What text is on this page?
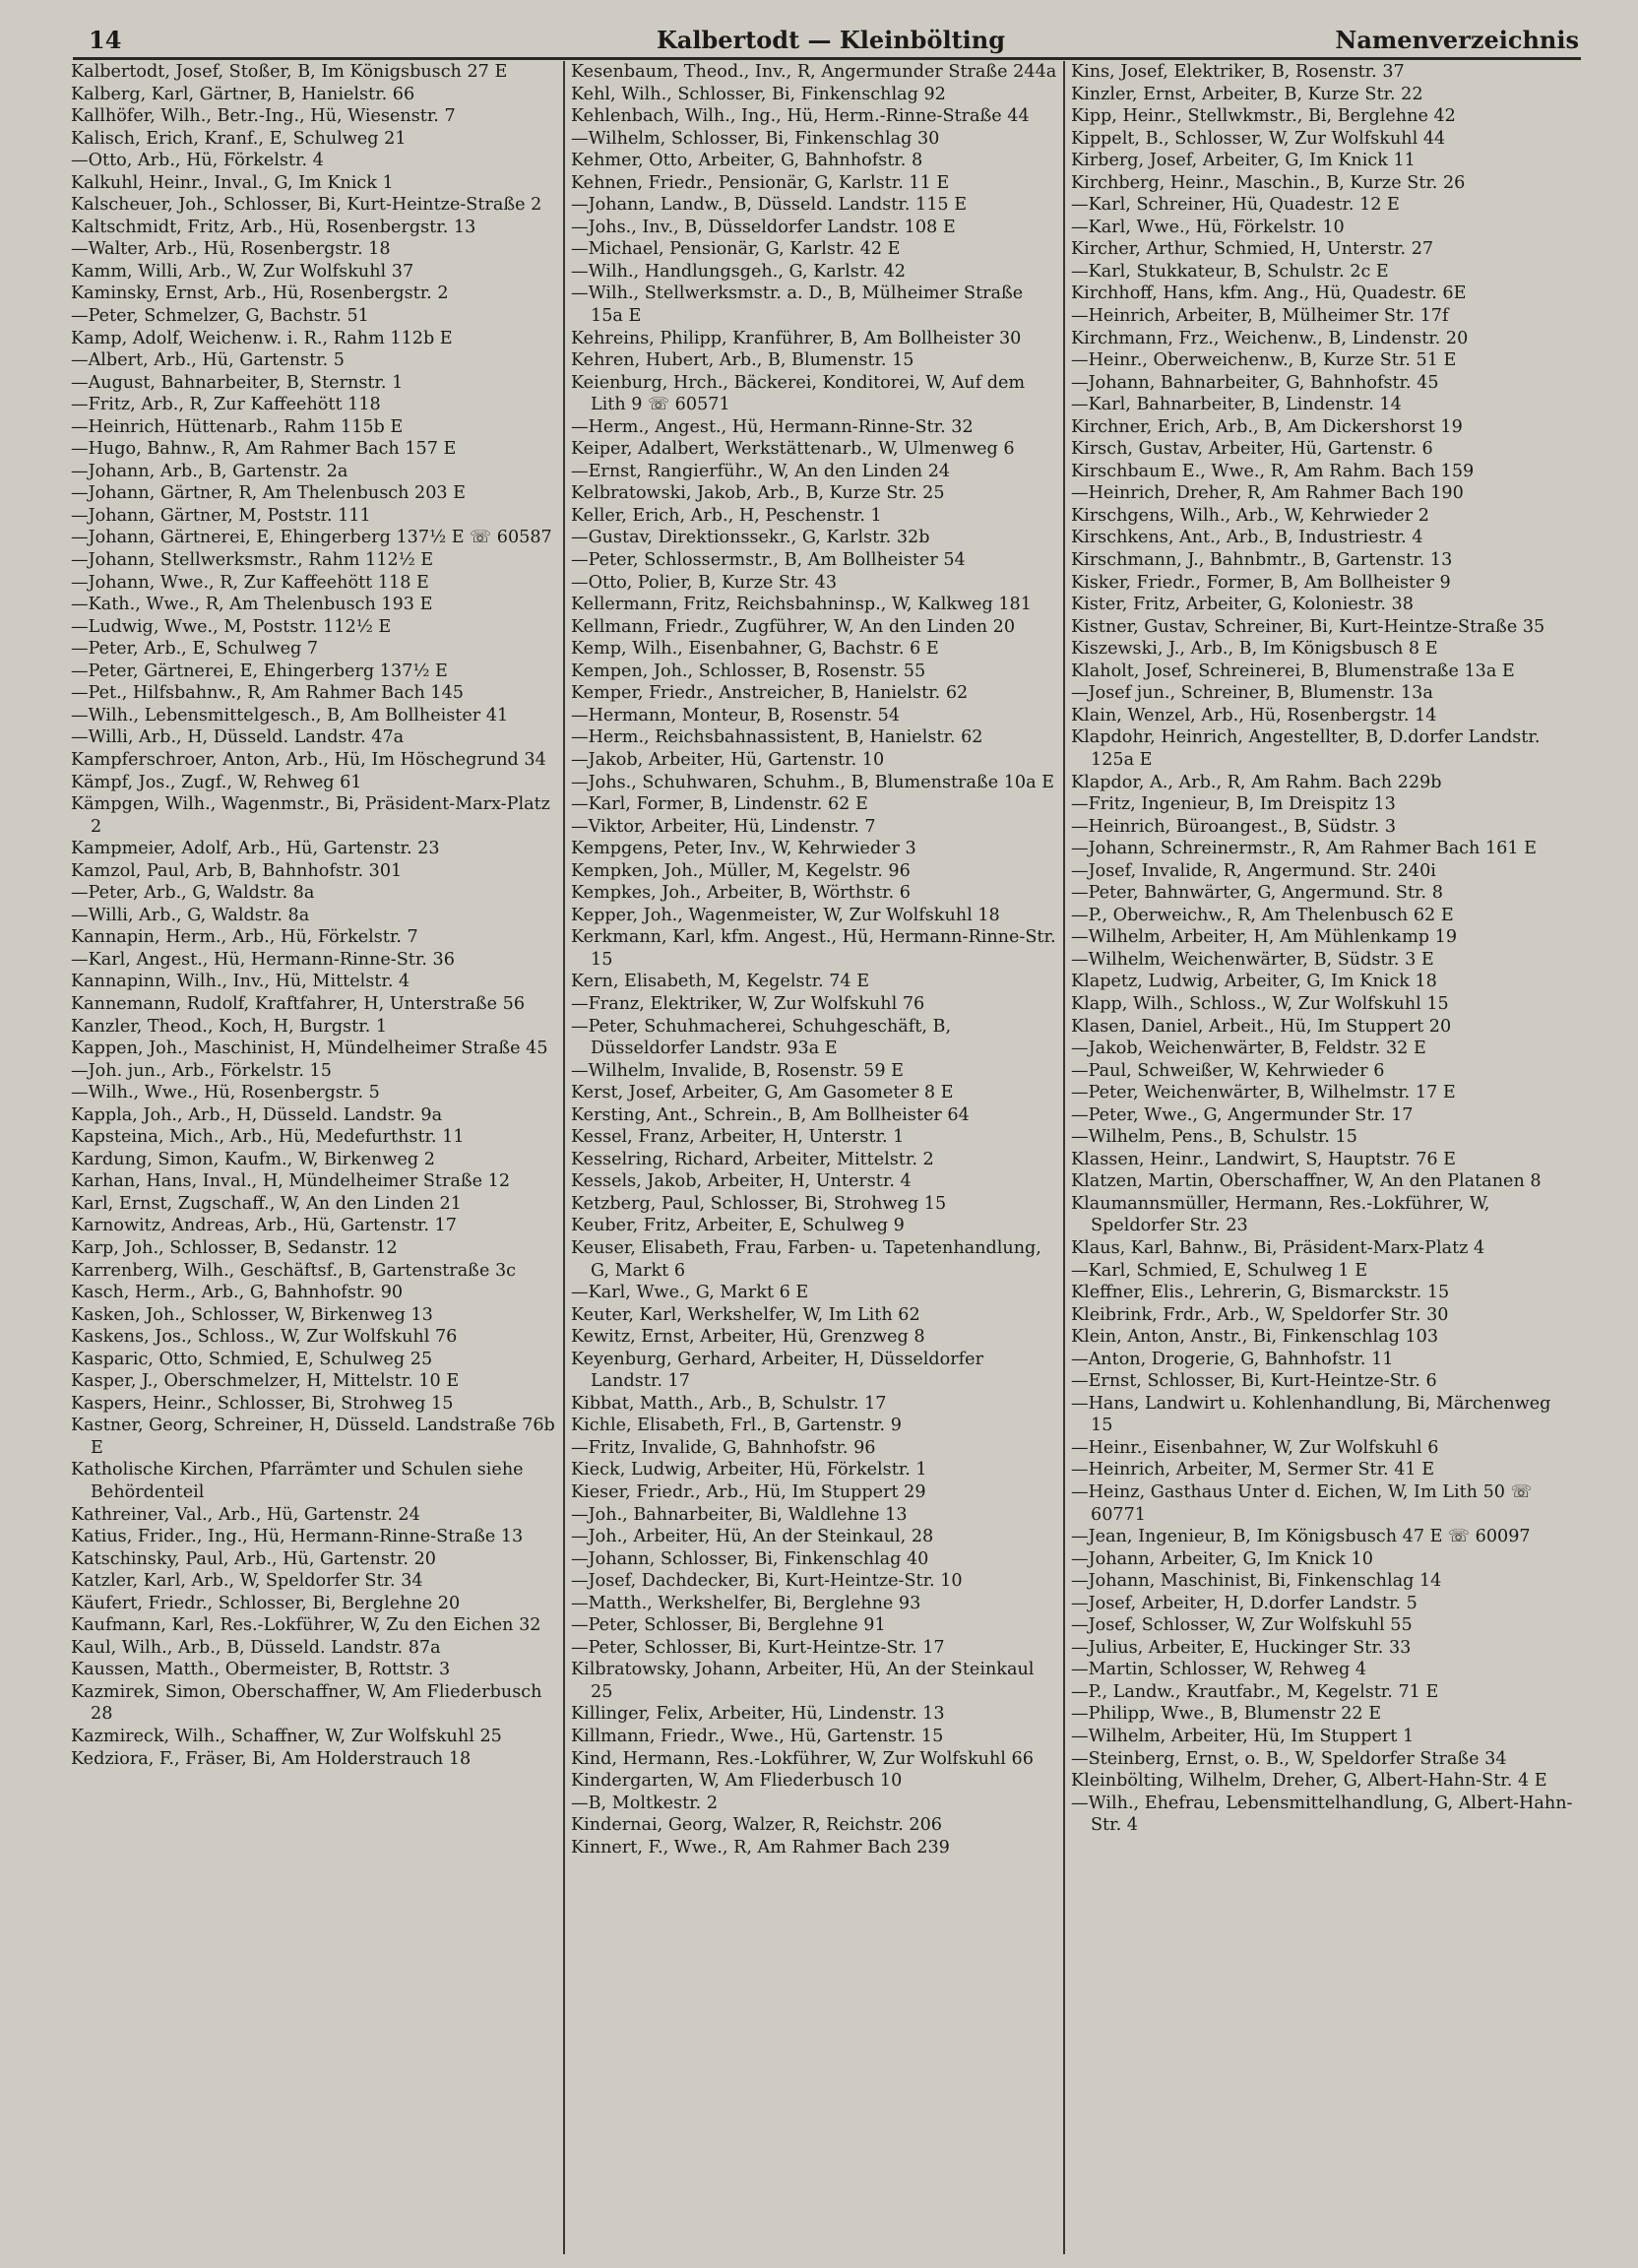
14	Kalbertodt — Kleinbölting	Namenverzeichnis
Kalbertodt, Josef, Stoßer, B, Im Königsbusch 27 E
Kalberg, Karl, Gärtner, B, Hanielstr. 66
Kallhöfer, Wilh., Betr.-Ing., Hü, Wiesenstr. 7
Kalisch, Erich, Kranf., E, Schulweg 21
—Otto, Arb., Hü, Förkelstr. 4
Kalkuhl, Heinr., Inval., G, Im Knick 1
Kalscheuer, Joh., Schlosser, Bi, Kurt-Heintze-Straße 2
Kaltschmidt, Fritz, Arb., Hü, Rosenbergstr. 13
—Walter, Arb., Hü, Rosenbergstr. 18
Kamm, Willi, Arb., W, Zur Wolfskuhl 37
Kaminsky, Ernst, Arb., Hü, Rosenbergstr. 2
—Peter, Schmelzer, G, Bachstr. 51
Kamp, Adolf, Weichenw. i. R., Rahm 112b E
—Albert, Arb., Hü, Gartenstr. 5
—August, Bahnarbeiter, B, Sternstr. 1
—Fritz, Arb., R, Zur Kaffeehött 118
—Heinrich, Hüttenarb., Rahm 115b E
—Hugo, Bahnw., R, Am Rahmer Bach 157 E
—Johann, Arb., B, Gartenstr. 2a
—Johann, Gärtner, R, Am Thelenbusch 203 E
—Johann, Gärtner, M, Poststr. 111
—Johann, Gärtnerei, E, Ehingerberg 137½ E ☏ 60587
—Johann, Stellwerksmstr., Rahm 112½ E
—Johann, Wwe., R, Zur Kaffeehött 118 E
—Kath., Wwe., R, Am Thelenbusch 193 E
—Ludwig, Wwe., M, Poststr. 112½ E
—Peter, Arb., E, Schulweg 7
—Peter, Gärtnerei, E, Ehingerberg 137½ E
—Pet., Hilfsbahnw., R, Am Rahmer Bach 145
—Wilh., Lebensmittelgesch., B, Am Bollheister 41
—Willi, Arb., H, Düsseld. Landstr. 47a
Kampferschroer, Anton, Arb., Hü, Im Höschegrund 34
Kämpf, Jos., Zugf., W, Rehweg 61
Kämpgen, Wilh., Wagenmstr., Bi, Präsident-Marx-Platz 2
Kampmeier, Adolf, Arb., Hü, Gartenstr. 23
Kamzol, Paul, Arb, B, Bahnhofstr. 301
—Peter, Arb., G, Waldstr. 8a
—Willi, Arb., G, Waldstr. 8a
Kannapin, Herm., Arb., Hü, Förkelstr. 7
—Karl, Angest., Hü, Hermann-Rinne-Str. 36
Kannapinn, Wilh., Inv., Hü, Mittelstr. 4
Kannemann, Rudolf, Kraftfahrer, H, Unterstraße 56
Kanzler, Theod., Koch, H, Burgstr. 1
Kappen, Joh., Maschinist, H, Mündelheimer Straße 45
—Joh. jun., Arb., Förkelstr. 15
—Wilh., Wwe., Hü, Rosenbergstr. 5
Kappla, Joh., Arb., H, Düsseld. Landstr. 9a
Kapsteina, Mich., Arb., Hü, Medefurthstr. 11
Kardung, Simon, Kaufm., W, Birkenweg 2
Karhan, Hans, Inval., H, Mündelheimer Straße 12
Karl, Ernst, Zugschaff., W, An den Linden 21
Karnowitz, Andreas, Arb., Hü, Gartenstr. 17
Karp, Joh., Schlosser, B, Sedanstr. 12
Karrenberg, Wilh., Geschäftsf., B, Gartenstraße 3c
Kasch, Herm., Arb., G, Bahnhofstr. 90
Kasken, Joh., Schlosser, W, Birkenweg 13
Kaskens, Jos., Schloss., W, Zur Wolfskuhl 76
Kasparic, Otto, Schmied, E, Schulweg 25
Kasper, J., Oberschmelzer, H, Mittelstr. 10 E
Kaspers, Heinr., Schlosser, Bi, Strohweg 15
Kastner, Georg, Schreiner, H, Düsseld. Landstraße 76b E
Katholische Kirchen, Pfarrämter und Schulen siehe Behördenteil
Kathreiner, Val., Arb., Hü, Gartenstr. 24
Katius, Frider., Ing., Hü, Hermann-Rinne-Straße 13
Katschinsky, Paul, Arb., Hü, Gartenstr. 20
Katzler, Karl, Arb., W, Speldorfer Str. 34
Käufert, Friedr., Schlosser, Bi, Berglehne 20
Kaufmann, Karl, Res.-Lokführer, W, Zu den Eichen 32
Kaul, Wilh., Arb., B, Düsseld. Landstr. 87a
Kaussen, Matth., Obermeister, B, Rottstr. 3
Kazmirek, Simon, Oberschaffner, W, Am Fliederbusch 28
Kazmireck, Wilh., Schaffner, W, Zur Wolfskuhl 25
Kedziora, F., Fräser, Bi, Am Holderstrauch 18
Kesenbaum, Theod., Inv., R, Angermunder Straße 244a
Kehl, Wilh., Schlosser, Bi, Finkenschlag 92
Kehlenbach, Wilh., Ing., Hü, Herm.-Rinne-Straße 44
—Wilhelm, Schlosser, Bi, Finkenschlag 30
Kehmer, Otto, Arbeiter, G, Bahnhofstr. 8
Kehnen, Friedr., Pensionär, G, Karlstr. 11 E
—Johann, Landw., B, Düsseld. Landstr. 115 E
—Johs., Inv., B, Düsseldorfer Landstr. 108 E
—Michael, Pensionär, G, Karlstr. 42 E
—Wilh., Handlungsgeh., G, Karlstr. 42
—Wilh., Stellwerksmstr. a. D., B, Mülheimer Straße 15a E
Kehreins, Philipp, Kranführer, B, Am Bollheister 30
Kehren, Hubert, Arb., B, Blumenstr. 15
Keienburg, Hrch., Bäckerei, Konditorei, W, Auf dem Lith 9 ☏ 60571
—Herm., Angest., Hü, Hermann-Rinne-Str. 32
Keiper, Adalbert, Werkstättenarb., W, Ulmenweg 6
—Ernst, Rangierführ., W, An den Linden 24
Kelbratowski, Jakob, Arb., B, Kurze Str. 25
Keller, Erich, Arb., H, Peschenstr. 1
—Gustav, Direktionssekr., G, Karlstr. 32b
—Peter, Schlossermstr., B, Am Bollheister 54
—Otto, Polier, B, Kurze Str. 43
Kellermann, Fritz, Reichsbahninsp., W, Kalkweg 181
Kellmann, Friedr., Zugführer, W, An den Linden 20
Kemp, Wilh., Eisenbahner, G, Bachstr. 6 E
Kempen, Joh., Schlosser, B, Rosenstr. 55
Kemper, Friedr., Anstreicher, B, Hanielstr. 62
—Hermann, Monteur, B, Rosenstr. 54
—Herm., Reichsbahnassistent, B, Hanielstr. 62
—Jakob, Arbeiter, Hü, Gartenstr. 10
—Johs., Schuhwaren, Schuhm., B, Blumenstraße 10a E
—Karl, Former, B, Lindenstr. 62 E
—Viktor, Arbeiter, Hü, Lindenstr. 7
Kempgens, Peter, Inv., W, Kehrwieder 3
Kempken, Joh., Müller, M, Kegelstr. 96
Kempkes, Joh., Arbeiter, B, Wörthstr. 6
Kepper, Joh., Wagenmeister, W, Zur Wolfskuhl 18
Kerkmann, Karl, kfm. Angest., Hü, Hermann-Rinne-Str. 15
Kern, Elisabeth, M, Kegelstr. 74 E
—Franz, Elektriker, W, Zur Wolfskuhl 76
—Peter, Schuhmacherei, Schuhgeschäft, B, Düsseldorfer Landstr. 93a E
—Wilhelm, Invalide, B, Rosenstr. 59 E
Kerst, Josef, Arbeiter, G, Am Gasometer 8 E
Kersting, Ant., Schrein., B, Am Bollheister 64
Kessel, Franz, Arbeiter, H, Unterstr. 1
Kesselring, Richard, Arbeiter, Mittelstr. 2
Kessels, Jakob, Arbeiter, H, Unterstr. 4
Ketzberg, Paul, Schlosser, Bi, Strohweg 15
Keuber, Fritz, Arbeiter, E, Schulweg 9
Keuser, Elisabeth, Frau, Farben- u. Tapetenhandlung, G, Markt 6
—Karl, Wwe., G, Markt 6 E
Keuter, Karl, Werkshelfer, W, Im Lith 62
Kewitz, Ernst, Arbeiter, Hü, Grenzweg 8
Keyenburg, Gerhard, Arbeiter, H, Düsseldorfer Landstr. 17
Kibbat, Matth., Arb., B, Schulstr. 17
Kichle, Elisabeth, Frl., B, Gartenstr. 9
—Fritz, Invalide, G, Bahnhofstr. 96
Kieck, Ludwig, Arbeiter, Hü, Förkelstr. 1
Kieser, Friedr., Arb., Hü, Im Stuppert 29
—Joh., Bahnarbeiter, Bi, Waldlehne 13
—Joh., Arbeiter, Hü, An der Steinkaul, 28
—Johann, Schlosser, Bi, Finkenschlag 40
—Josef, Dachdecker, Bi, Kurt-Heintze-Str. 10
—Matth., Werkshelfer, Bi, Berglehne 93
—Peter, Schlosser, Bi, Berglehne 91
—Peter, Schlosser, Bi, Kurt-Heintze-Str. 17
Kilbratowsky, Johann, Arbeiter, Hü, An der Steinkaul 25
Killinger, Felix, Arbeiter, Hü, Lindenstr. 13
Killmann, Friedr., Wwe., Hü, Gartenstr. 15
Kind, Hermann, Res.-Lokführer, W, Zur Wolfskuhl 66
Kindergarten, W, Am Fliederbusch 10
—B, Moltkestr. 2
Kindernai, Georg, Walzer, R, Reichstr. 206
Kinnert, F., Wwe., R, Am Rahmer Bach 239
Kins, Josef, Elektriker, B, Rosenstr. 37
Kinzler, Ernst, Arbeiter, B, Kurze Str. 22
Kipp, Heinr., Stellwkmstr., Bi, Berglehne 42
Kippelt, B., Schlosser, W, Zur Wolfskuhl 44
Kirberg, Josef, Arbeiter, G, Im Knick 11
Kirchberg, Heinr., Maschin., B, Kurze Str. 26
—Karl, Schreiner, Hü, Quadestr. 12 E
—Karl, Wwe., Hü, Förkelstr. 10
Kircher, Arthur, Schmied, H, Unterstr. 27
—Karl, Stukkateur, B, Schulstr. 2c E
Kirchhoff, Hans, kfm. Ang., Hü, Quadestr. 6E
—Heinrich, Arbeiter, B, Mülheimer Str. 17f
Kirchmann, Frz., Weichenw., B, Lindenstr. 20
—Heinr., Oberweichenw., B, Kurze Str. 51 E
—Johann, Bahnarbeiter, G, Bahnhofstr. 45
—Karl, Bahnarbeiter, B, Lindenstr. 14
Kirchner, Erich, Arb., B, Am Dickershorst 19
Kirsch, Gustav, Arbeiter, Hü, Gartenstr. 6
Kirschbaum E., Wwe., R, Am Rahm. Bach 159
—Heinrich, Dreher, R, Am Rahmer Bach 190
Kirschgens, Wilh., Arb., W, Kehrwieder 2
Kirschkens, Ant., Arb., B, Industriestr. 4
Kirschmann, J., Bahnbmtr., B, Gartenstr. 13
Kisker, Friedr., Former, B, Am Bollheister 9
Kister, Fritz, Arbeiter, G, Koloniestr. 38
Kistner, Gustav, Schreiner, Bi, Kurt-Heintze-Straße 35
Kiszewski, J., Arb., B, Im Königsbusch 8 E
Klaholt, Josef, Schreinerei, B, Blumenstraße 13a E
—Josef jun., Schreiner, B, Blumenstr. 13a
Klain, Wenzel, Arb., Hü, Rosenbergstr. 14
Klapdohr, Heinrich, Angestellter, B, D.dorfer Landstr. 125a E
Klapdor, A., Arb., R, Am Rahm. Bach 229b
—Fritz, Ingenieur, B, Im Dreispitz 13
—Heinrich, Büroangest., B, Südstr. 3
—Johann, Schreinermstr., R, Am Rahmer Bach 161 E
—Josef, Invalide, R, Angermund. Str. 240i
—Peter, Bahnwärter, G, Angermund. Str. 8
—P., Oberweichw., R, Am Thelenbusch 62 E
—Wilhelm, Arbeiter, H, Am Mühlenkamp 19
—Wilhelm, Weichenwärter, B, Südstr. 3 E
Klapetz, Ludwig, Arbeiter, G, Im Knick 18
Klapp, Wilh., Schloss., W, Zur Wolfskuhl 15
Klasen, Daniel, Arbeit., Hü, Im Stuppert 20
—Jakob, Weichenwärter, B, Feldstr. 32 E
—Paul, Schweißer, W, Kehrwieder 6
—Peter, Weichenwärter, B, Wilhelmstr. 17 E
—Peter, Wwe., G, Angermunder Str. 17
—Wilhelm, Pens., B, Schulstr. 15
Klassen, Heinr., Landwirt, S, Hauptstr. 76 E
Klatzen, Martin, Oberschaffner, W, An den Platanen 8
Klaumannsmüller, Hermann, Res.-Lokführer, W, Speldorfer Str. 23
Klaus, Karl, Bahnw., Bi, Präsident-Marx-Platz 4
—Karl, Schmied, E, Schulweg 1 E
Kleffner, Elis., Lehrerin, G, Bismarckstr. 15
Kleibrink, Frdr., Arb., W, Speldorfer Str. 30
Klein, Anton, Anstr., Bi, Finkenschlag 103
—Anton, Drogerie, G, Bahnhofstr. 11
—Ernst, Schlosser, Bi, Kurt-Heintze-Str. 6
—Hans, Landwirt u. Kohlenhandlung, Bi, Märchenweg 15
—Heinr., Eisenbahner, W, Zur Wolfskuhl 6
—Heinrich, Arbeiter, M, Sermer Str. 41 E
—Heinz, Gasthaus Unter d. Eichen, W, Im Lith 50 ☏ 60771
—Jean, Ingenieur, B, Im Königsbusch 47 E ☏ 60097
—Johann, Arbeiter, G, Im Knick 10
—Johann, Maschinist, Bi, Finkenschlag 14
—Josef, Arbeiter, H, D.dorfer Landstr. 5
—Josef, Schlosser, W, Zur Wolfskuhl 55
—Julius, Arbeiter, E, Huckinger Str. 33
—Martin, Schlosser, W, Rehweg 4
—P., Landw., Krautfabr., M, Kegelstr. 71 E
—Philipp, Wwe., B, Blumenstr 22 E
—Wilhelm, Arbeiter, Hü, Im Stuppert 1
—Steinberg, Ernst, o. B., W, Speldorfer Straße 34
Kleinbölting, Wilhelm, Dreher, G, Albert-Hahn-Str. 4 E
—Wilh., Ehefrau, Lebensmittelhandlung, G, Albert-Hahn-Str. 4
